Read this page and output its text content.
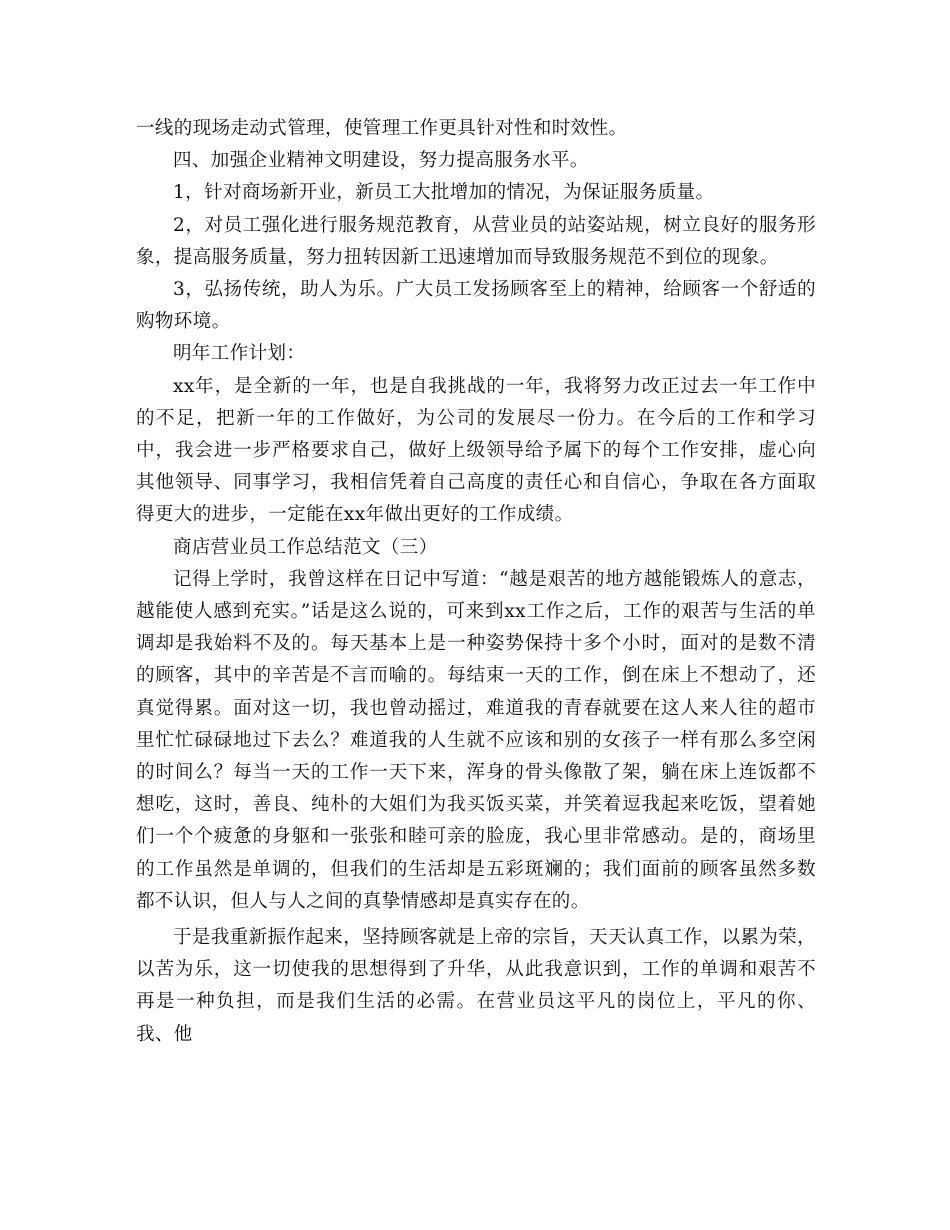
一线的现场走动式管理，使管理工作更具针对性和时效性。

四、加强企业精神文明建设，努力提高服务水平。

1，针对商场新开业，新员工大批增加的情况，为保证服务质量。

2，对员工强化进行服务规范教育，从营业员的站姿站规，树立良好的服务形象，提高服务质量，努力扭转因新工迅速增加而导致服务规范不到位的现象。

3，弘扬传统，助人为乐。广大员工发扬顾客至上的精神，给顾客一个舒适的购物环境。

明年工作计划：

xx年，是全新的一年，也是自我挑战的一年，我将努力改正过去一年工作中的不足，把新一年的工作做好，为公司的发展尽一份力。在今后的工作和学习中，我会进一步严格要求自己，做好上级领导给予属下的每个工作安排，虚心向其他领导、同事学习，我相信凭着自己高度的责任心和自信心，争取在各方面取得更大的进步，一定能在xx年做出更好的工作成绩。

商店营业员工作总结范文（三）

记得上学时，我曾这样在日记中写道：“越是艰苦的地方越能锻炼人的意志，越能使人感到充实。”话是这么说的，可来到xx工作之后，工作的艰苦与生活的单调却是我始料不及的。每天基本上是一种姿势保持十多个小时，面对的是数不清的顾客，其中的辛苦是不言而喻的。每结束一天的工作，倒在床上不想动了，还真觉得累。面对这一切，我也曾动摇过，难道我的青春就要在这人来人往的超市里忙忙碌碌地过下去么？难道我的人生就不应该和别的女孩子一样有那么多空闲的时间么？每当一天的工作一天下来，浑身的骨头像散了架，躺在床上连饭都不想吃，这时，善良、纯朴的大姐们为我买饭买菜，并笑着逗我起来吃饭，望着她们一个个疲惫的身躯和一张张和睦可亲的脸庞，我心里非常感动。是的，商场里的工作虽然是单调的，但我们的生活却是五彩斑斓的；我们面前的顾客虽然多数都不认识，但人与人之间的真挚情感却是真实存在的。

于是我重新振作起来，坚持顾客就是上帝的宗旨，天天认真工作，以累为荣，以苦为乐，这一切使我的思想得到了升华，从此我意识到，工作的单调和艰苦不再是一种负担，而是我们生活的必需。在营业员这平凡的岗位上，平凡的你、我、他
